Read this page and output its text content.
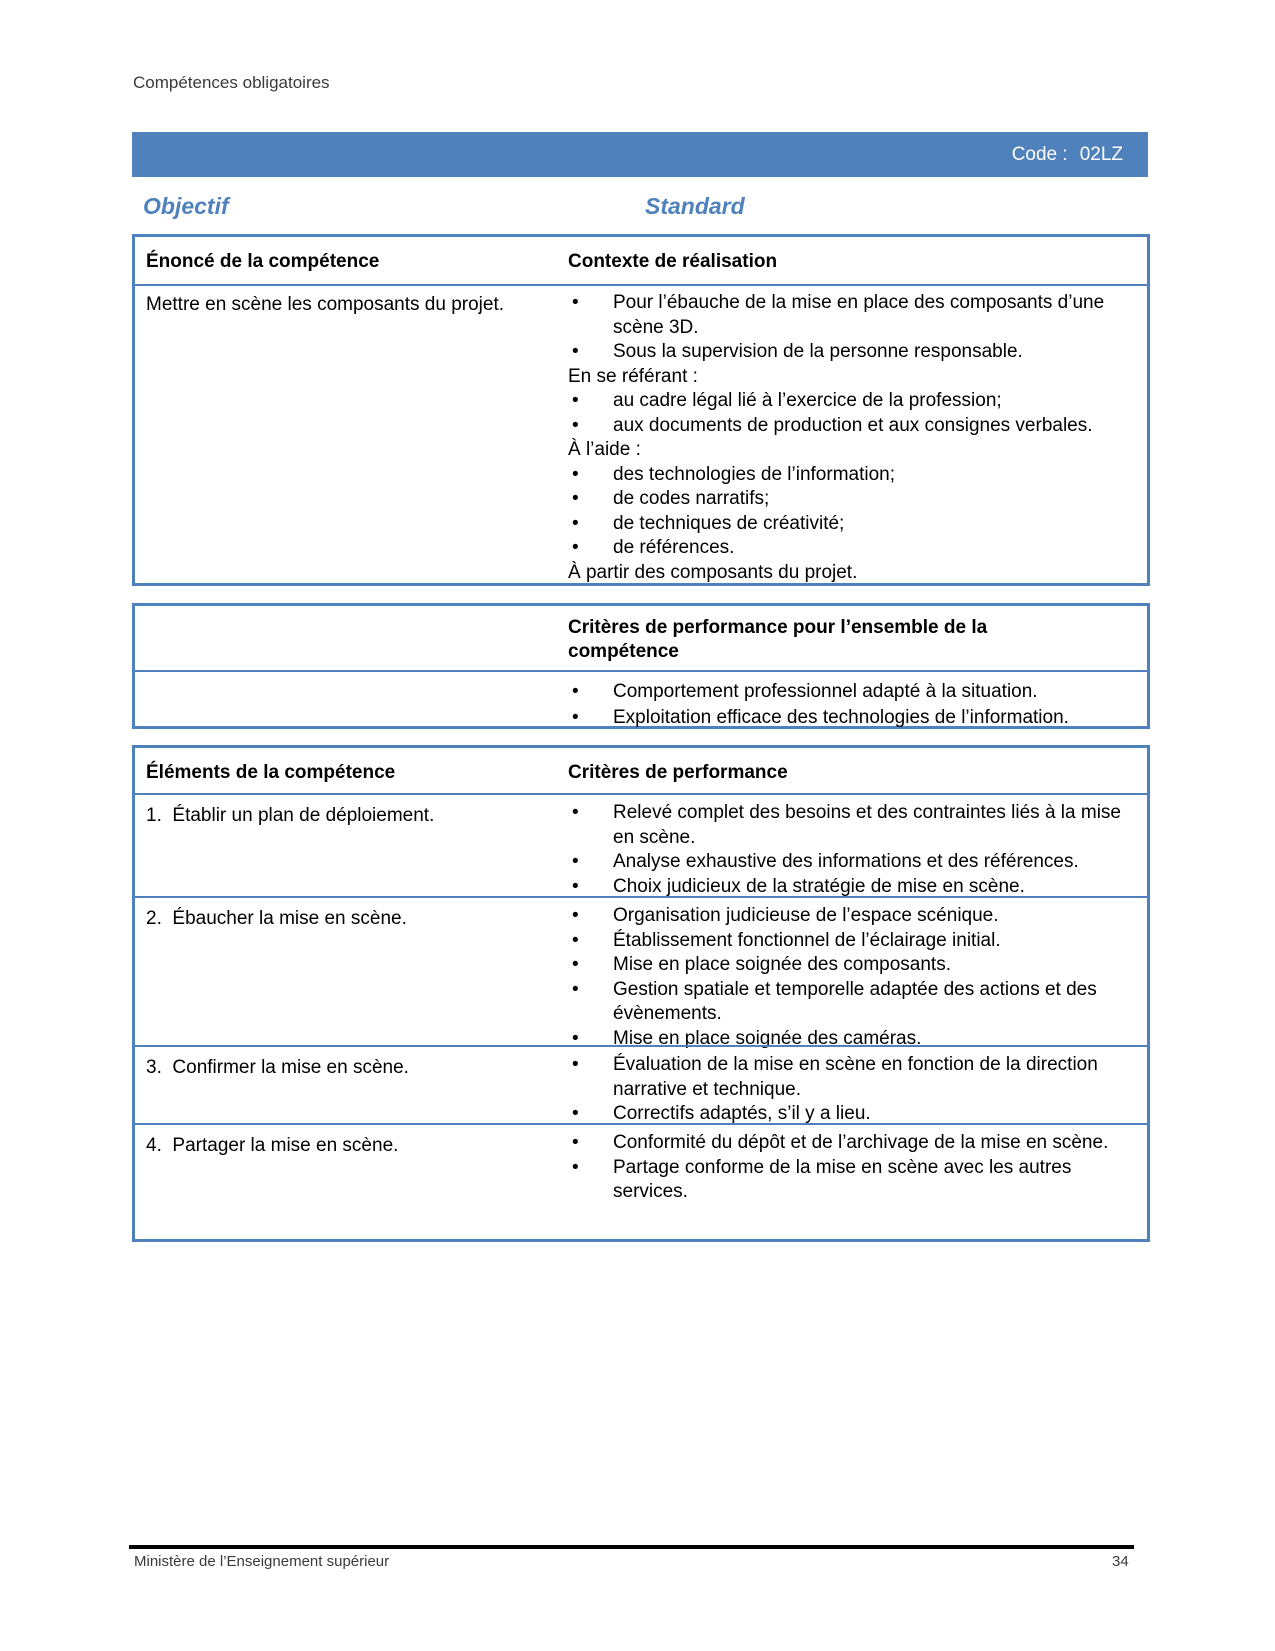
Compétences obligatoires
Code : 02LZ
Objectif	Standard
Énoncé de la compétence	Contexte de réalisation
Mettre en scène les composants du projet.	• Pour l’ébauche de la mise en place des composants d’une scène 3D.
• Sous la supervision de la personne responsable.
En se référant :
• au cadre légal lié à l’exercice de la profession;
• aux documents de production et aux consignes verbales.
À l’aide :
• des technologies de l’information;
• de codes narratifs;
• de techniques de créativité;
• de références.
À partir des composants du projet.
Critères de performance pour l’ensemble de la compétence
• Comportement professionnel adapté à la situation.
• Exploitation efficace des technologies de l’information.
Éléments de la compétence	Critères de performance
1.  Établir un plan de déploiement.	• Relevé complet des besoins et des contraintes liés à la mise en scène.
• Analyse exhaustive des informations et des références.
• Choix judicieux de la stratégie de mise en scène.
2.  Ébaucher la mise en scène.	• Organisation judicieuse de l’espace scénique.
• Établissement fonctionnel de l’éclairage initial.
• Mise en place soignée des composants.
• Gestion spatiale et temporelle adaptée des actions et des évènements.
• Mise en place soignée des caméras.
3.  Confirmer la mise en scène.	• Évaluation de la mise en scène en fonction de la direction narrative et technique.
• Correctifs adaptés, s’il y a lieu.
4.  Partager la mise en scène.	• Conformité du dépôt et de l’archivage de la mise en scène.
• Partage conforme de la mise en scène avec les autres services.
Ministère de l’Enseignement supérieur	34
